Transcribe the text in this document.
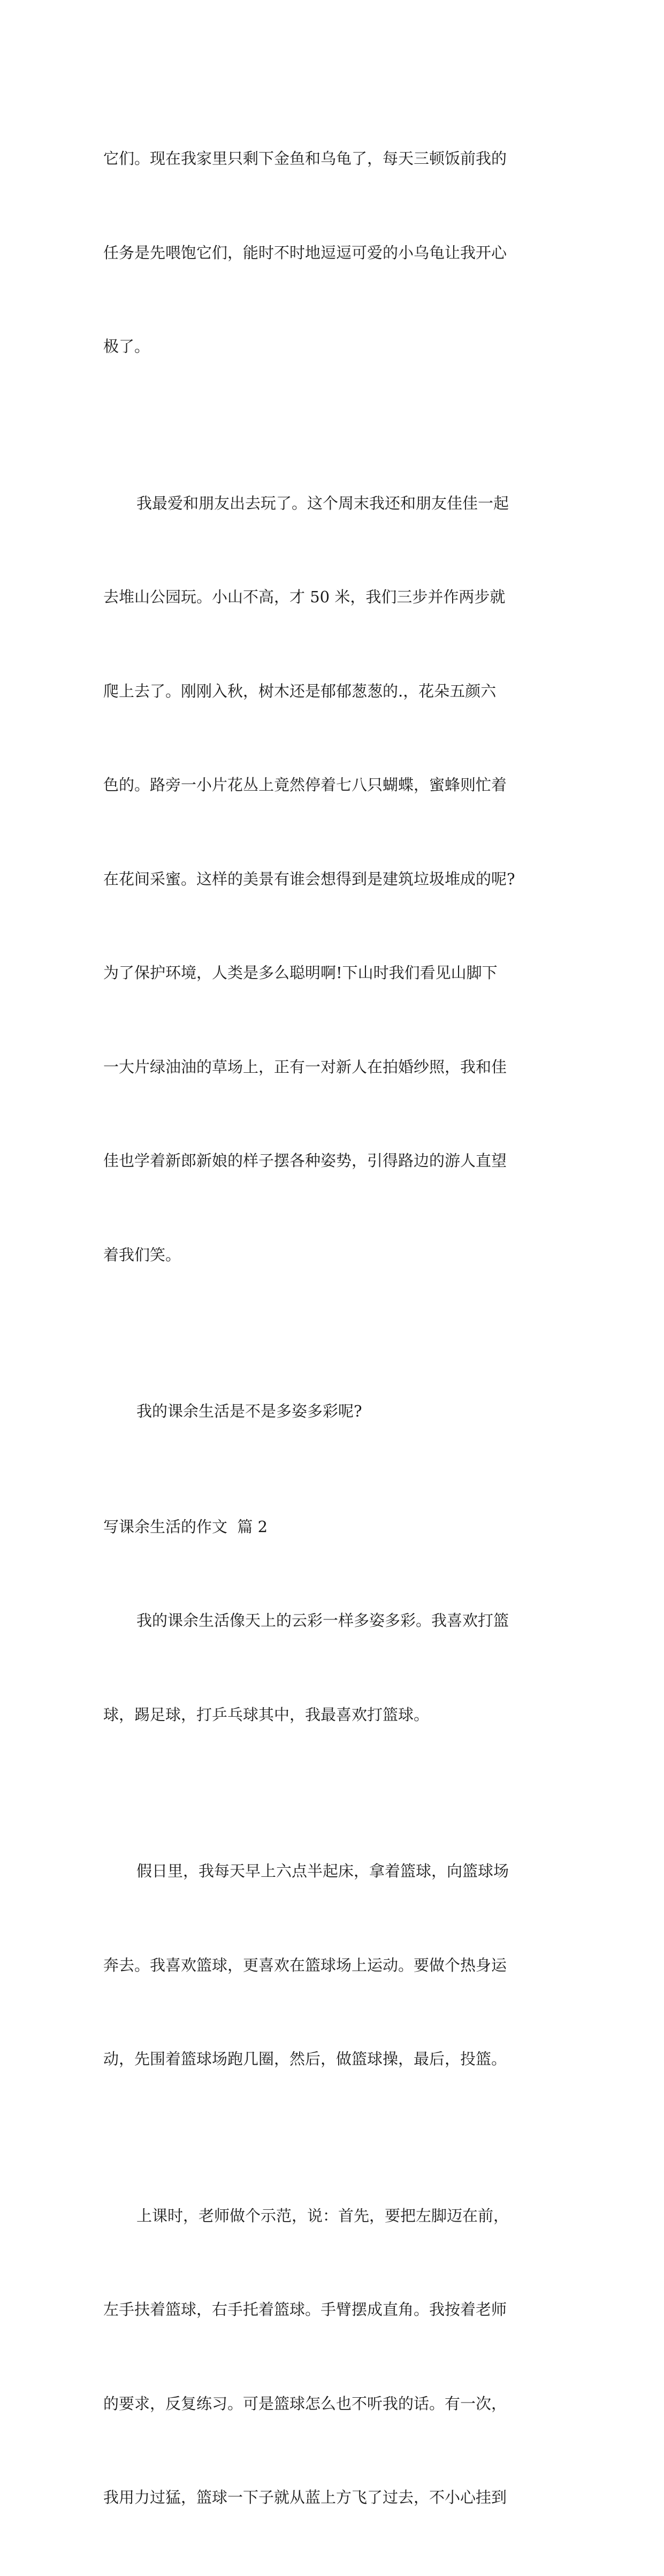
它们。现在我家里只剩下金鱼和乌龟了，每天三顿饭前我的

任务是先喂饱它们，能时不时地逗逗可爱的小乌龟让我开心

极了。

我最爱和朋友出去玩了。这个周末我还和朋友佳佳一起

去堆山公园玩。小山不高，才 50 米，我们三步并作两步就

爬上去了。刚刚入秋，树木还是郁郁葱葱的.，花朵五颜六

色的。路旁一小片花丛上竟然停着七八只蝴蝶，蜜蜂则忙着

在花间采蜜。这样的美景有谁会想得到是建筑垃圾堆成的呢?

为了保护环境，人类是多么聪明啊!下山时我们看见山脚下

一大片绿油油的草场上，正有一对新人在拍婚纱照，我和佳

佳也学着新郎新娘的样子摆各种姿势，引得路边的游人直望

着我们笑。

我的课余生活是不是多姿多彩呢?

写课余生活的作文  篇 2

我的课余生活像天上的云彩一样多姿多彩。我喜欢打篮

球，踢足球，打乒乓球其中，我最喜欢打篮球。

假日里，我每天早上六点半起床，拿着篮球，向篮球场

奔去。我喜欢篮球，更喜欢在篮球场上运动。要做个热身运

动，先围着篮球场跑几圈，然后，做篮球操，最后，投篮。

上课时，老师做个示范，说：首先，要把左脚迈在前，

左手扶着篮球，右手托着篮球。手臂摆成直角。我按着老师

的要求，反复练习。可是篮球怎么也不听我的话。有一次，

我用力过猛，篮球一下子就从蓝上方飞了过去，不小心挂到
